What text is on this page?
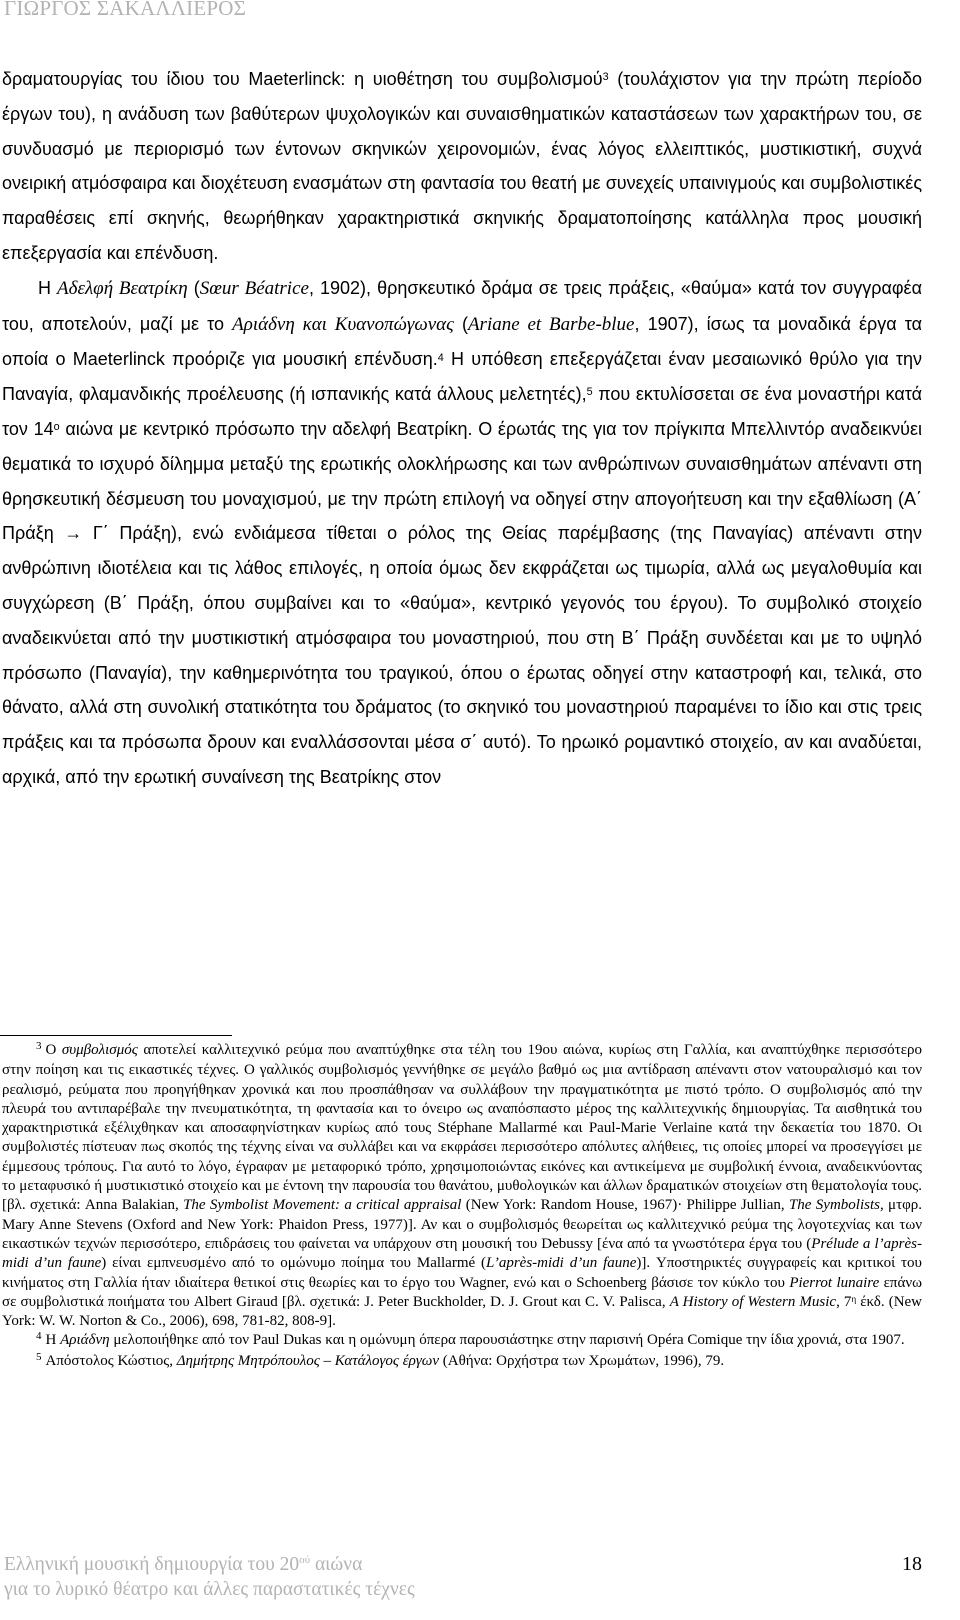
ΓΙΩΡΓΟΣ ΣΑΚΑΛΛΙΕΡΟΣ

δραματουργίας του ίδιου του Maeterlinck: η υιοθέτηση του συμβολισμού$^3$ (τουλάχιστον για την πρώτη περίοδο έργων του), η ανάδυση των βαθύτερων ψυχολογικών και συναισθηματικών καταστάσεων των χαρακτήρων του, σε συνδυασμό με περιορισμό των έντονων σκηνικών χειρονομιών, ένας λόγος ελλειπτικός, μυστικιστική, συχνά ονειρική ατμόσφαιρα και διοχέτευση ενασμάτων στη φαντασία του θεατή με συνεχείς υπαινιγμούς και συμβολιστικές παραθέσεις επί σκηνής, θεωρήθηκαν χαρακτηριστικά σκηνικής δραματοποίησης κατάλληλα προς μουσική επεξεργασία και επένδυση.

Η Αδελφή Βεατρίκη (Sœur Béatrice, 1902), θρησκευτικό δράμα σε τρεις πράξεις, «θαύμα» κατά τον συγγραφέα του, αποτελούν, μαζί με το Αριάδνη και Κυανοπώγωνας (Ariane et Barbe-blue, 1907), ίσως τα μοναδικά έργα τα οποία ο Maeterlinck προόριζε για μουσική επένδυση.$^4$ Η υπόθεση επεξεργάζεται έναν μεσαιωνικό θρύλο για την Παναγία, φλαμανδικής προέλευσης (ή ισπανικής κατά άλλους μελετητές),$^5$ που εκτυλίσσεται σε ένα μοναστήρι κατά τον $14^o$ αιώνα με κεντρικό πρόσωπο την αδελφή Βεατρίκη. Ο έρωτάς της για τον πρίγκιπα Μπελλιντόρ αναδεικνύει θεματικά το ισχυρό δίλημμα μεταξύ της ερωτικής ολοκλήρωσης και των ανθρώπινων συναισθημάτων απέναντι στη θρησκευτική δέσμευση του μοναχισμού, με την πρώτη επιλογή να οδηγεί στην απογοήτευση και την εξαθλίωση (Α΄ Πράξη → Γ΄ Πράξη), ενώ ενδιάμεσα τίθεται ο ρόλος της Θείας παρέμβασης (της Παναγίας) απέναντι στην ανθρώπινη ιδιοτέλεια και τις λάθος επιλογές, η οποία όμως δεν εκφράζεται ως τιμωρία, αλλά ως μεγαλοθυμία και συγχώρεση (Β΄ Πράξη, όπου συμβαίνει και το «θαύμα», κεντρικό γεγονός του έργου). Το συμβολικό στοιχείο αναδεικνύεται από την μυστικιστική ατμόσφαιρα του μοναστηριού, που στη Β΄ Πράξη συνδέεται και με το υψηλό πρόσωπο (Παναγία), την καθημερινότητα του τραγικού, όπου ο έρωτας οδηγεί στην καταστροφή και, τελικά, στο θάνατο, αλλά στη συνολική στατικότητα του δράματος (το σκηνικό του μοναστηριού παραμένει το ίδιο και στις τρεις πράξεις και τα πρόσωπα δρουν και εναλλάσσονται μέσα σ΄ αυτό). Το ηρωικό ρομαντικό στοιχείο, αν και αναδύεται, αρχικά, από την ερωτική συναίνεση της Βεατρίκης στον

$^3$ Ο συμβολισμός αποτελεί καλλιτεχνικό ρεύμα που αναπτύχθηκε στα τέλη του 19ου αιώνα, κυρίως στη Γαλλία, και αναπτύχθηκε περισσότερο στην ποίηση και τις εικαστικές τέχνες. Ο γαλλικός συμβολισμός γεννήθηκε σε μεγάλο βαθμό ως μια αντίδραση απέναντι στον νατουραλισμό και τον ρεαλισμό, ρεύματα που προηγήθηκαν χρονικά και που προσπάθησαν να συλλάβουν την πραγματικότητα με πιστό τρόπο. Ο συμβολισμός από την πλευρά του αντιπαρέβαλε την πνευματικότητα, τη φαντασία και το όνειρο ως αναπόσπαστο μέρος της καλλιτεχνικής δημιουργίας. Τα αισθητικά του χαρακτηριστικά εξέλιχθηκαν και αποσαφηνίστηκαν κυρίως από τους Stéphane Mallarmé και Paul-Marie Verlaine κατά την δεκαετία του 1870. Οι συμβολιστές πίστευαν πως σκοπός της τέχνης είναι να συλλάβει και να εκφράσει περισσότερο απόλυτες αλήθειες, τις οποίες μπορεί να προσεγγίσει με έμμεσους τρόπους. Για αυτό το λόγο, έγραφαν με μεταφορικό τρόπο, χρησιμοποιώντας εικόνες και αντικείμενα με συμβολική έννοια, αναδεικνύοντας το μεταφυσικό ή μυστικιστικό στοιχείο και με έντονη την παρουσία του θανάτου, μυθολογικών και άλλων δραματικών στοιχείων στη θεματολογία τους. [βλ. σχετικά: Anna Balakian, The Symbolist Movement: a critical appraisal (New York: Random House, 1967)· Philippe Jullian, The Symbolists, μτφρ. Mary Anne Stevens (Oxford and New York: Phaidon Press, 1977)]. Αν και ο συμβολισμός θεωρείται ως καλλιτεχνικό ρεύμα της λογοτεχνίας και των εικαστικών τεχνών περισσότερο, επιδράσεις του φαίνεται να υπάρχουν στη μουσική του Debussy [ένα από τα γνωστότερα έργα του (Prélude a l’après-midi d’un faune) είναι εμπνευσμένο από το ομώνυμο ποίημα του Mallarmé (L’après-midi d’un faune)]. Υποστηρικτές συγγραφείς και κριτικοί του κινήματος στη Γαλλία ήταν ιδιαίτερα θετικοί στις θεωρίες και το έργο του Wagner, ενώ και ο Schoenberg βάσισε τον κύκλο του Pierrot lunaire επάνω σε συμβολιστικά ποιήματα του Albert Giraud [βλ. σχετικά: J. Peter Buckholder, D. J. Grout και C. V. Palisca, A History of Western Music, $7^\eta$ έκδ. (New York: W. W. Norton & Co., 2006), 698, 781-82, 808-9].

$^4$ Η Αριάδνη μελοποιήθηκε από τον Paul Dukas και η ομώνυμη όπερα παρουσιάστηκε στην παρισινή Opéra Comique την ίδια χρονιά, στα 1907.

$^5$ Απόστολος Κώστιος, Δημήτρης Μητρόπουλος – Κατάλογος έργων (Αθήνα: Ορχήστρα των Χρωμάτων, 1996), 79.

Ελληνική μουσική δημιουργία του $20^{oύ}$ αιώνα
για το λυρικό θέατρο και άλλες παραστατικές τέχνες
18
